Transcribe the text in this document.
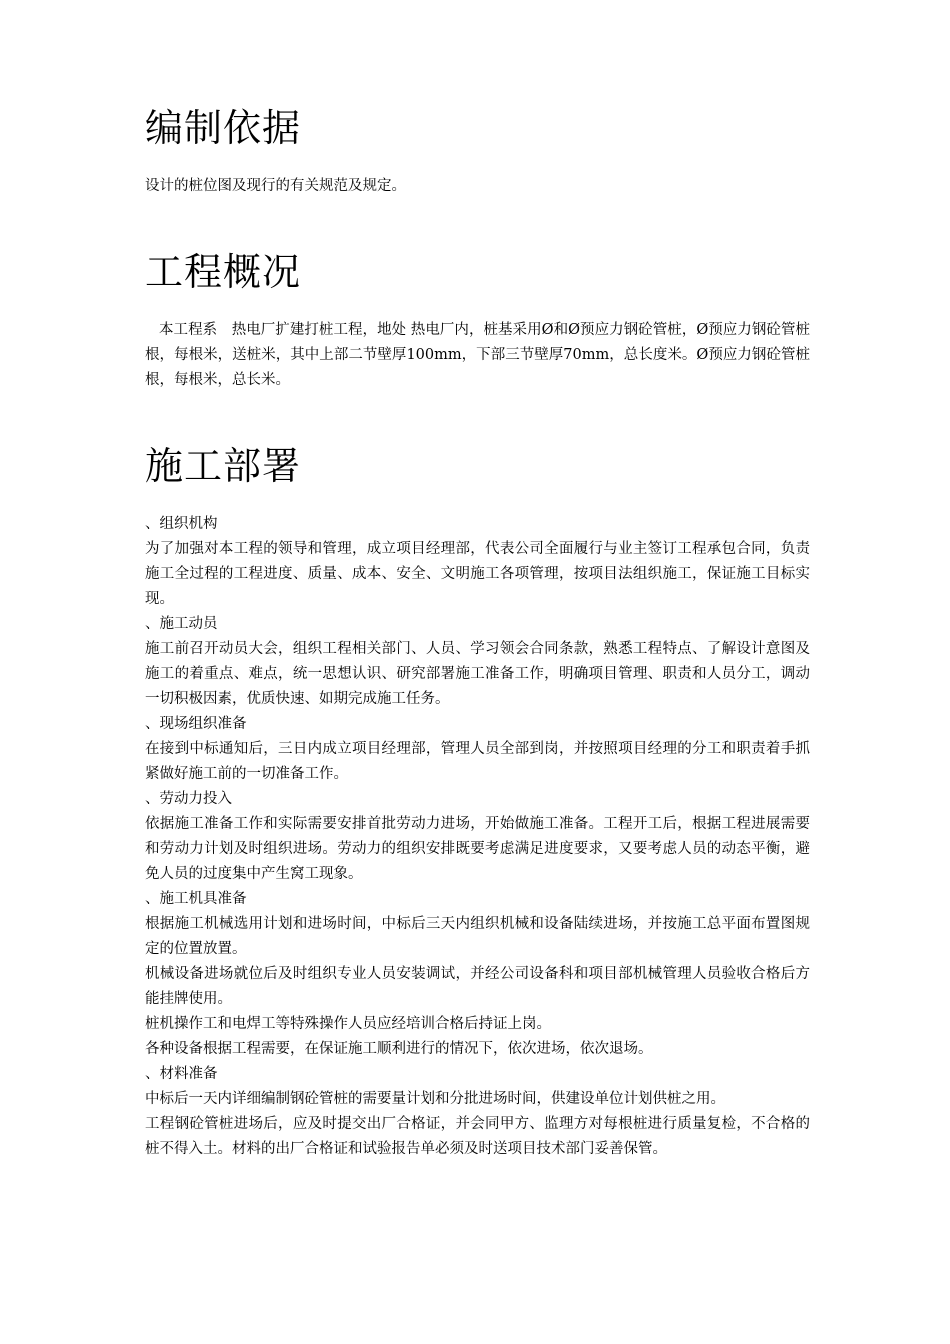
编制依据

设计的桩位图及现行的有关规范及规定。

工程概况

本工程系　热电厂扩建打桩工程，地处 热电厂内，桩基采用Ø和Ø预应力钢砼管桩，Ø预应力钢砼管桩根，每根米，送桩米，其中上部二节壁厚100mm，下部三节壁厚70mm，总长度米。Ø预应力钢砼管桩根，每根米，总长米。

施工部署

、组织机构

为了加强对本工程的领导和管理，成立项目经理部，代表公司全面履行与业主签订工程承包合同，负责施工全过程的工程进度、质量、成本、安全、文明施工各项管理，按项目法组织施工，保证施工目标实现。

、施工动员

施工前召开动员大会，组织工程相关部门、人员、学习领会合同条款，熟悉工程特点、了解设计意图及施工的着重点、难点，统一思想认识、研究部署施工准备工作，明确项目管理、职责和人员分工，调动一切积极因素，优质快速、如期完成施工任务。

、现场组织准备

在接到中标通知后，三日内成立项目经理部，管理人员全部到岗，并按照项目经理的分工和职责着手抓紧做好施工前的一切准备工作。

、劳动力投入

依据施工准备工作和实际需要安排首批劳动力进场，开始做施工准备。工程开工后，根据工程进展需要和劳动力计划及时组织进场。劳动力的组织安排既要考虑满足进度要求，又要考虑人员的动态平衡，避免人员的过度集中产生窝工现象。

、施工机具准备

根据施工机械选用计划和进场时间，中标后三天内组织机械和设备陆续进场，并按施工总平面布置图规定的位置放置。

机械设备进场就位后及时组织专业人员安装调试，并经公司设备科和项目部机械管理人员验收合格后方能挂牌使用。

桩机操作工和电焊工等特殊操作人员应经培训合格后持证上岗。

各种设备根据工程需要，在保证施工顺利进行的情况下，依次进场，依次退场。

、材料准备

中标后一天内详细编制钢砼管桩的需要量计划和分批进场时间，供建设单位计划供桩之用。

工程钢砼管桩进场后，应及时提交出厂合格证，并会同甲方、监理方对每根桩进行质量复检，不合格的桩不得入土。材料的出厂合格证和试验报告单必须及时送项目技术部门妥善保管。
